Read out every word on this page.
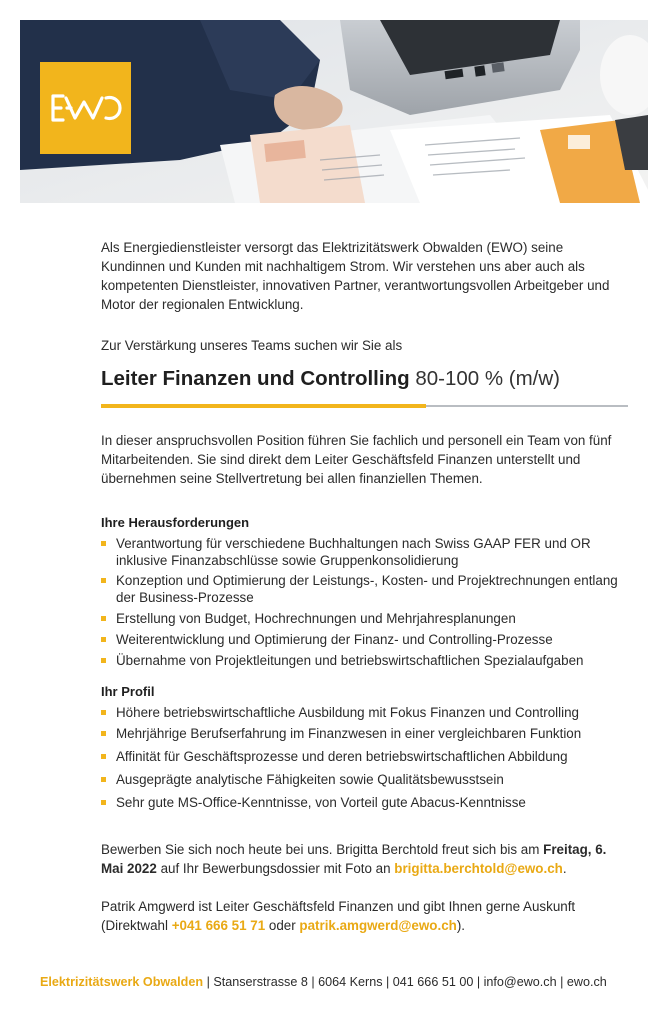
Als Energiedienstleister versorgt das Elektrizitätswerk Obwalden (EWO) seine Kundinnen und Kunden mit nachhaltigem Strom. Wir verstehen uns aber auch als kompetenten Dienstleister, innovativen Partner, verantwortungsvollen Arbeitgeber und Motor der regionalen Entwicklung.

Zur Verstärkung unseres Teams suchen wir Sie als

Leiter Finanzen und Controlling 80-100 % (m/w)

In dieser anspruchsvollen Position führen Sie fachlich und personell ein Team von fünf Mitarbeitenden. Sie sind direkt dem Leiter Geschäftsfeld Finanzen unterstellt und übernehmen seine Stellvertretung bei allen finanziellen Themen.

Ihre Herausforderungen
Verantwortung für verschiedene Buchhaltungen nach Swiss GAAP FER und OR inklusive Finanzabschlüsse sowie Gruppenkonsolidierung
Konzeption und Optimierung der Leistungs-, Kosten- und Projektrechnungen entlang der Business-Prozesse
Erstellung von Budget, Hochrechnungen und Mehrjahresplanungen
Weiterentwicklung und Optimierung der Finanz- und Controlling-Prozesse
Übernahme von Projektleitungen und betriebswirtschaftlichen Spezialaufgaben
Ihr Profil
Höhere betriebswirtschaftliche Ausbildung mit Fokus Finanzen und Controlling
Mehrjährige Berufserfahrung im Finanzwesen in einer vergleichbaren Funktion
Affinität für Geschäftsprozesse und deren betriebswirtschaftlichen Abbildung
Ausgeprägte analytische Fähigkeiten sowie Qualitätsbewusstsein
Sehr gute MS-Office-Kenntnisse, von Vorteil gute Abacus-Kenntnisse

Bewerben Sie sich noch heute bei uns. Brigitta Berchtold freut sich bis am Freitag, 6. Mai 2022 auf Ihr Bewerbungsdossier mit Foto an brigitta.berchtold@ewo.ch.

Patrik Amgwerd ist Leiter Geschäftsfeld Finanzen und gibt Ihnen gerne Auskunft (Direktwahl +041 666 51 71 oder patrik.amgwerd@ewo.ch).

Elektrizitätswerk Obwalden | Stanserstrasse 8 | 6064 Kerns | 041 666 51 00 | info@ewo.ch | ewo.ch
